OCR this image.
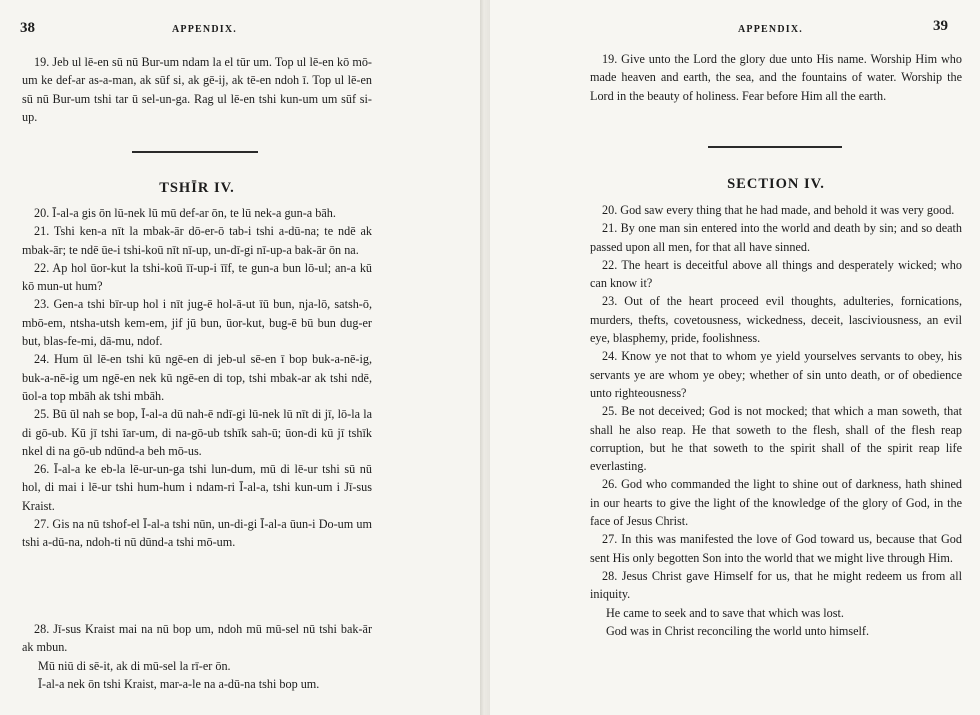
38	APPENDIX.

19. Jeb ul lē-en sū nū Bur-um ndam la el tūr um. Top ul lē-en kō mō-um ke def-ar as-a-man, ak sūf si, ak gē-ij, ak tē-en ndoh ī. Top ul lē-en sū nū Bur-um tshi tar ū sel-un-ga. Rag ul lē-en tshi kun-um um sūf si-up.

TSHĪR IV.

20. Ī-al-a gis ōn lū-nek lū mū def-ar ōn, te lū nek-a gun-a bāh.

21. Tshi ken-a nīt la mbak-ār dō-er-ō tab-i tshi a-dū-na; te ndē ak mbak-ār; te ndē ūe-i tshi-koū nīt nī-up, un-dī-gi nī-up-a bak-ār ōn na.

22. Ap hol ūor-kut la tshi-koū īī-up-i īīf, te gun-a bun lō-ul; an-a kū kō mun-ut hum?

23. Gen-a tshi bīr-up hol i nīt jug-ē hol-ā-ut īū bun, nja-lō, satsh-ō, mbō-em, ntsha-utsh kem-em, jif jū bun, ūor-kut, bug-ē bū bun dug-er but, blas-fe-mi, dā-mu, ndof.

24. Hum ūl lē-en tshi kū ngē-en di jeb-ul sē-en ī bop buk-a-nē-ig, buk-a-nē-ig um ngē-en nek kū ngē-en di top, tshi mbak-ar ak tshi ndē, ūol-a top mbāh ak tshi mbāh.

25. Bū ūl nah se bop, Ī-al-a dū nah-ē ndī-gi lū-nek lū nīt di jī, lō-la la di gō-ub. Kū jī tshi īar-um, di na-gō-ub tshīk sah-ū; ūon-di kū jī tshīk nkel di na gō-ub ndūnd-a beh mō-us.

26. Ī-al-a ke eb-la lē-ur-un-ga tshi lun-dum, mū di lē-ur tshi sū nū hol, di mai i lē-ur tshi hum-hum i ndam-ri Ī-al-a, tshi kun-um i Jī-sus Kraist.

27. Gis na nū tshof-el Ī-al-a tshi nūn, un-di-gi Ī-al-a ūun-i Do-um um tshi a-dū-na, ndoh-ti nū dūnd-a tshi mō-um.

28. Jī-sus Kraist mai na nū bop um, ndoh mū mū-sel nū tshi bak-ār ak mbun.

Mū niū di sē-it, ak di mū-sel la rī-er ōn.

Ī-al-a nek ōn tshi Kraist, mar-a-le na a-dū-na tshi bop um.

APPENDIX.	39

19. Give unto the Lord the glory due unto His name. Worship Him who made heaven and earth, the sea, and the fountains of water. Worship the Lord in the beauty of holiness. Fear before Him all the earth.

SECTION IV.

20. God saw every thing that he had made, and behold it was very good.

21. By one man sin entered into the world and death by sin; and so death passed upon all men, for that all have sinned.

22. The heart is deceitful above all things and desperately wicked; who can know it?

23. Out of the heart proceed evil thoughts, adulteries, fornications, murders, thefts, covetousness, wickedness, deceit, lasciviousness, an evil eye, blasphemy, pride, foolishness.

24. Know ye not that to whom ye yield yourselves servants to obey, his servants ye are whom ye obey; whether of sin unto death, or of obedience unto righteousness?

25. Be not deceived; God is not mocked; that which a man soweth, that shall he also reap. He that soweth to the flesh, shall of the flesh reap corruption, but he that soweth to the spirit shall of the spirit reap life everlasting.

26. God who commanded the light to shine out of darkness, hath shined in our hearts to give the light of the knowledge of the glory of God, in the face of Jesus Christ.

27. In this was manifested the love of God toward us, because that God sent His only begotten Son into the world that we might live through Him.

28. Jesus Christ gave Himself for us, that he might redeem us from all iniquity.

He came to seek and to save that which was lost.

God was in Christ reconciling the world unto himself.
